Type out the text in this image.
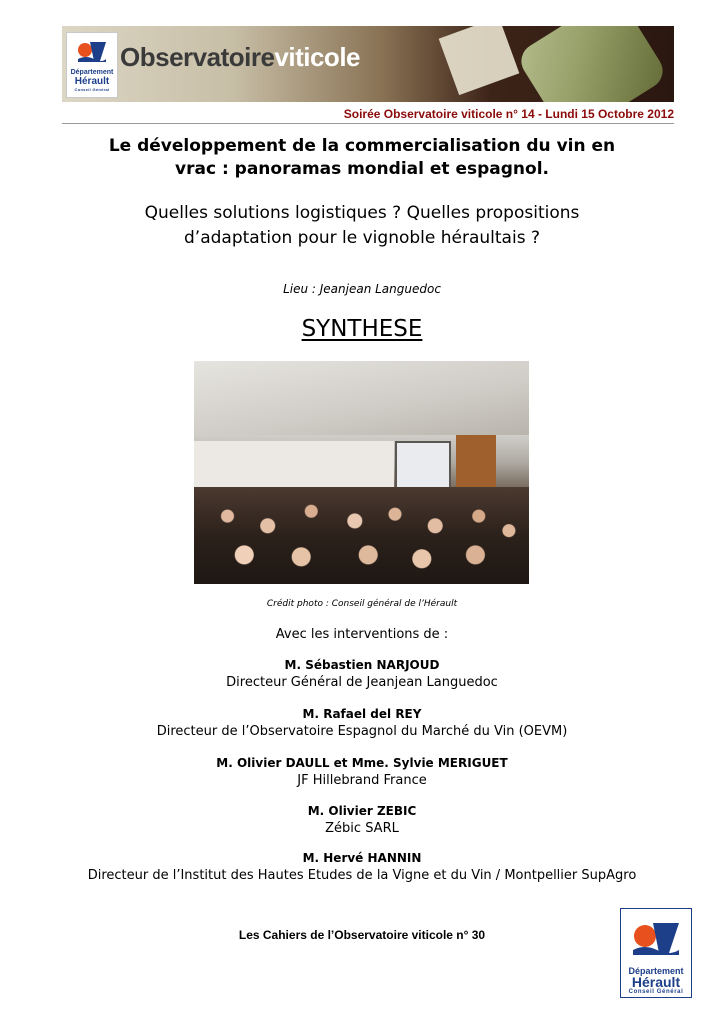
Département
Hérault
Conseil Général
Observatoireviticole
Soirée Observatoire viticole n° 14 - Lundi 15 Octobre 2012
Le développement de la commercialisation du vin en
vrac : panoramas mondial et espagnol.
Quelles solutions logistiques ? Quelles propositions
d’adaptation pour le vignoble héraultais ?
Lieu : Jeanjean Languedoc
SYNTHESE
Crédit photo : Conseil général de l’Hérault
Avec les interventions de :
M. Sébastien NARJOUD
Directeur Général de Jeanjean Languedoc
M. Rafael del REY
Directeur de l’Observatoire Espagnol du Marché du Vin (OEVM)
M. Olivier DAULL et Mme. Sylvie MERIGUET
JF Hillebrand France
M. Olivier ZEBIC
Zébic SARL
M. Hervé HANNIN
Directeur de l’Institut des Hautes Etudes de la Vigne et du Vin / Montpellier SupAgro
Les Cahiers de l’Observatoire viticole n° 30
Département
Hérault
Conseil Général
